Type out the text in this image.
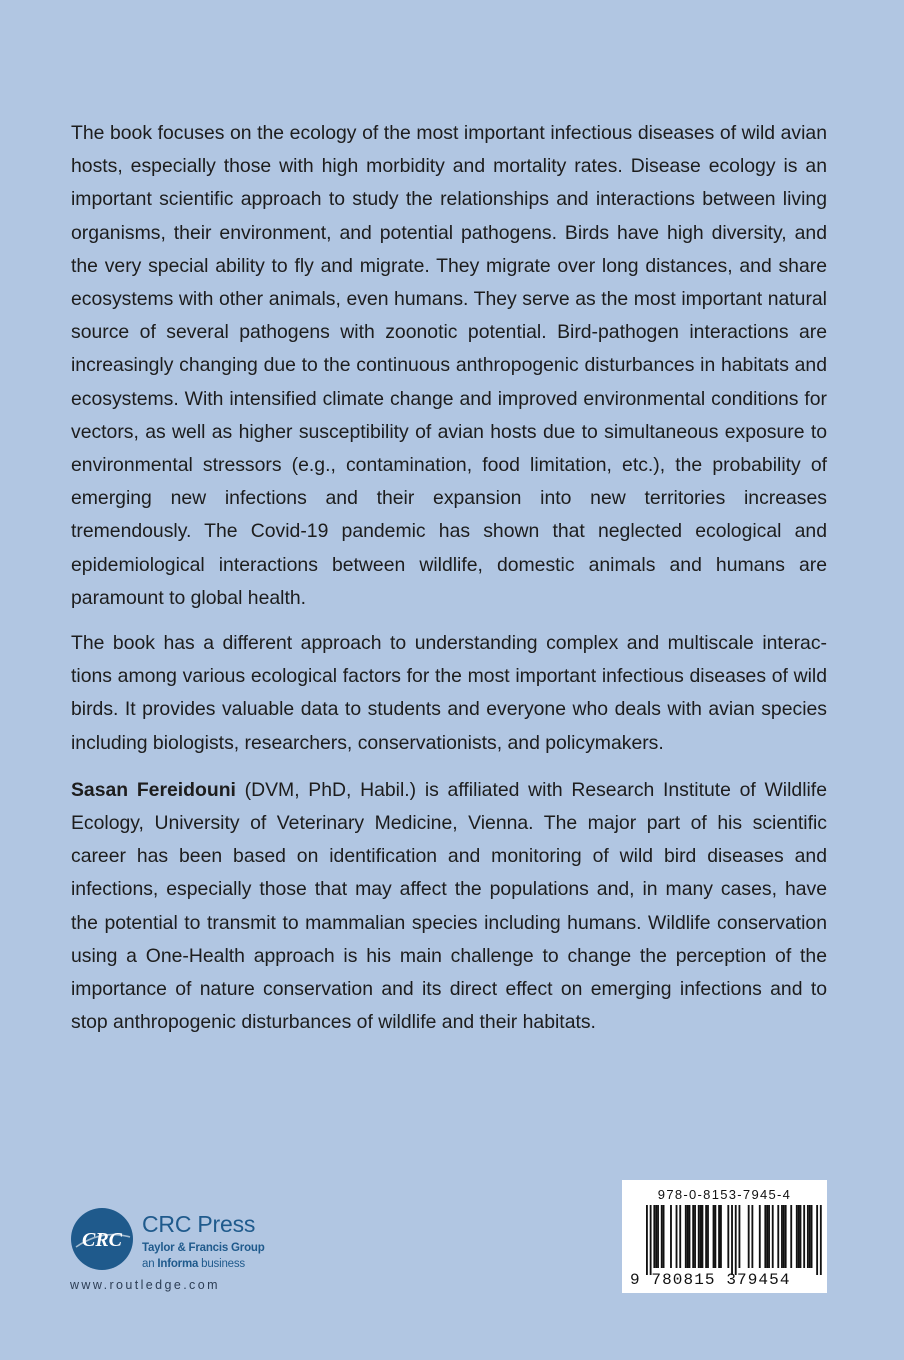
The book focuses on the ecology of the most important infectious diseases of wild avian hosts, especially those with high morbidity and mortality rates. Disease ecology is an important scientific approach to study the relationships and interactions between living organisms, their environment, and potential pathogens. Birds have high diversity, and the very special ability to fly and migrate. They migrate over long distances, and share ecosystems with other animals, even humans. They serve as the most important natural source of several pathogens with zoonotic potential. Bird-pathogen interactions are increasingly changing due to the continuous anthropogenic disturbances in habitats and ecosystems. With intensified climate change and improved environmental conditions for vectors, as well as higher susceptibility of avian hosts due to simultaneous exposure to environmental stressors (e.g., contamination, food limitation, etc.), the probability of emerging new infections and their expansion into new territories increases tremendously. The Covid-19 pandemic has shown that neglected ecological and epidemiological interactions between wildlife, domestic animals and humans are paramount to global health.

The book has a different approach to understanding complex and multiscale interactions among various ecological factors for the most important infectious diseases of wild birds. It provides valuable data to students and everyone who deals with avian species including biologists, researchers, conservationists, and policymakers.

Sasan Fereidouni (DVM, PhD, Habil.) is affiliated with Research Institute of Wildlife Ecology, University of Veterinary Medicine, Vienna. The major part of his scientific career has been based on identification and monitoring of wild bird diseases and infections, especially those that may affect the populations and, in many cases, have the potential to transmit to mammalian species including humans. Wildlife conservation using a One-Health approach is his main challenge to change the perception of the importance of nature conservation and its direct effect on emerging infections and to stop anthropogenic disturbances of wildlife and their habitats.

CRC
CRC Press
Taylor & Francis Group
an Informa business
www.routledge.com
978-0-8153-7945-4
9 780815 379454
